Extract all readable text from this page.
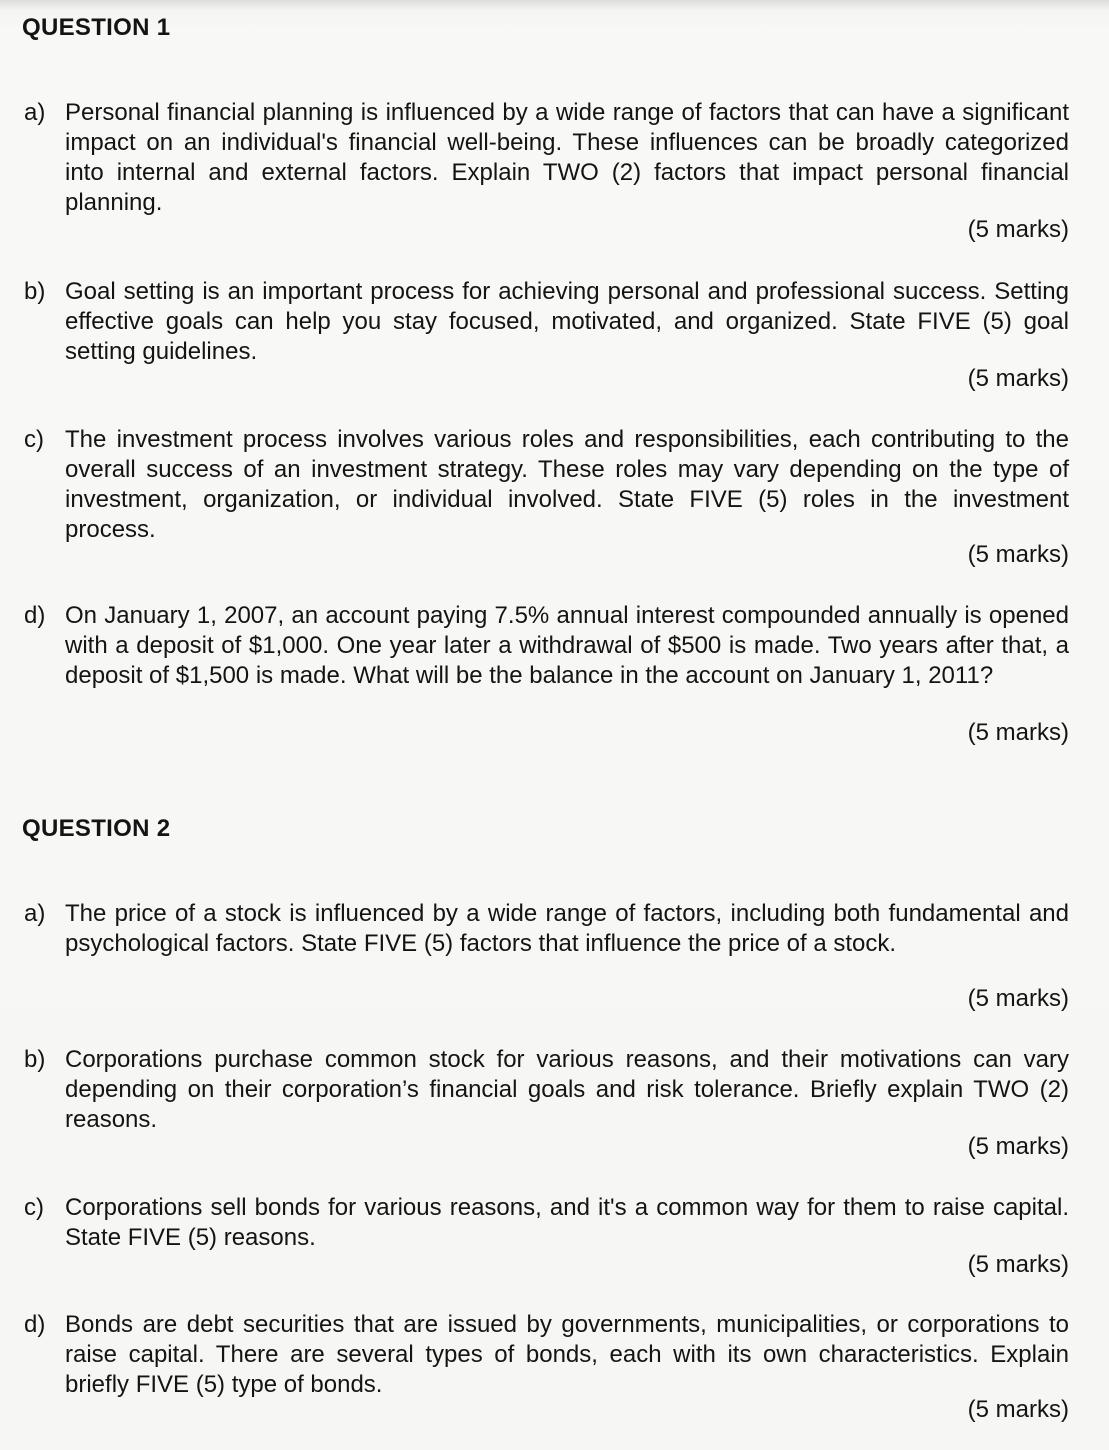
QUESTION 1
a) Personal financial planning is influenced by a wide range of factors that can have a significant impact on an individual's financial well-being. These influences can be broadly categorized into internal and external factors. Explain TWO (2) factors that impact personal financial planning.
(5 marks)
b) Goal setting is an important process for achieving personal and professional success. Setting effective goals can help you stay focused, motivated, and organized. State FIVE (5) goal setting guidelines.
(5 marks)
c) The investment process involves various roles and responsibilities, each contributing to the overall success of an investment strategy. These roles may vary depending on the type of investment, organization, or individual involved. State FIVE (5) roles in the investment process.
(5 marks)
d) On January 1, 2007, an account paying 7.5% annual interest compounded annually is opened with a deposit of $1,000. One year later a withdrawal of $500 is made. Two years after that, a deposit of $1,500 is made. What will be the balance in the account on January 1, 2011?
(5 marks)
QUESTION 2
a) The price of a stock is influenced by a wide range of factors, including both fundamental and psychological factors. State FIVE (5) factors that influence the price of a stock.
(5 marks)
b) Corporations purchase common stock for various reasons, and their motivations can vary depending on their corporation’s financial goals and risk tolerance. Briefly explain TWO (2) reasons.
(5 marks)
c) Corporations sell bonds for various reasons, and it's a common way for them to raise capital. State FIVE (5) reasons.
(5 marks)
d) Bonds are debt securities that are issued by governments, municipalities, or corporations to raise capital. There are several types of bonds, each with its own characteristics. Explain briefly FIVE (5) type of bonds.
(5 marks)
